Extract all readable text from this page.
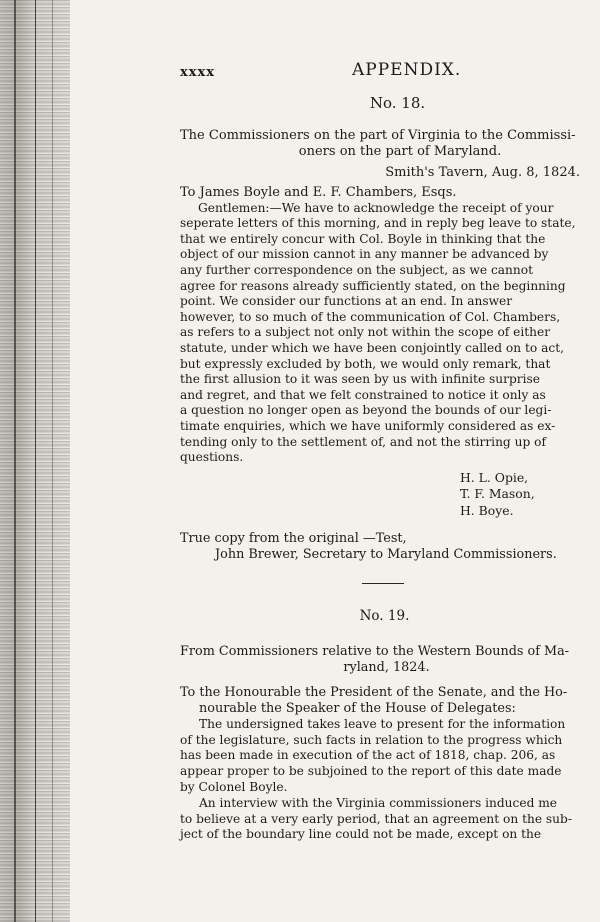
xxxx	APPENDIX.
No. 18.
The Commissioners on the part of Virginia to the Commissi-
oners on the part of Maryland.
Smith's Tavern, Aug. 8, 1824.
To James Boyle and E. F. Chambers, Esqs.
Gentlemen:—We have to acknowledge the receipt of your
seperate letters of this morning, and in reply beg leave to state,
that we entirely concur with Col. Boyle in thinking that the
object of our mission cannot in any manner be advanced by
any further correspondence on the subject, as we cannot
agree for reasons already sufficiently stated, on the beginning
point. We consider our functions at an end. In answer
however, to so much of the communication of Col. Chambers,
as refers to a subject not only not within the scope of either
statute, under which we have been conjointly called on to act,
but expressly excluded by both, we would only remark, that
the first allusion to it was seen by us with infinite surprise
and regret, and that we felt constrained to notice it only as
a question no longer open as beyond the bounds of our legi-
timate enquiries, which we have uniformly considered as ex-
tending only to the settlement of, and not the stirring up of
questions.
H. L. Opie,
T. F. Mason,
H. Boye.
True copy from the original —Test,
John Brewer, Secretary to Maryland Commissioners.
No. 19.
From Commissioners relative to the Western Bounds of Ma-
ryland, 1824.
To the Honourable the President of the Senate, and the Ho-
nourable the Speaker of the House of Delegates:
The undersigned takes leave to present for the information
of the legislature, such facts in relation to the progress which
has been made in execution of the act of 1818, chap. 206, as
appear proper to be subjoined to the report of this date made
by Colonel Boyle.
An interview with the Virginia commissioners induced me
to believe at a very early period, that an agreement on the sub-
ject of the boundary line could not be made, except on the
